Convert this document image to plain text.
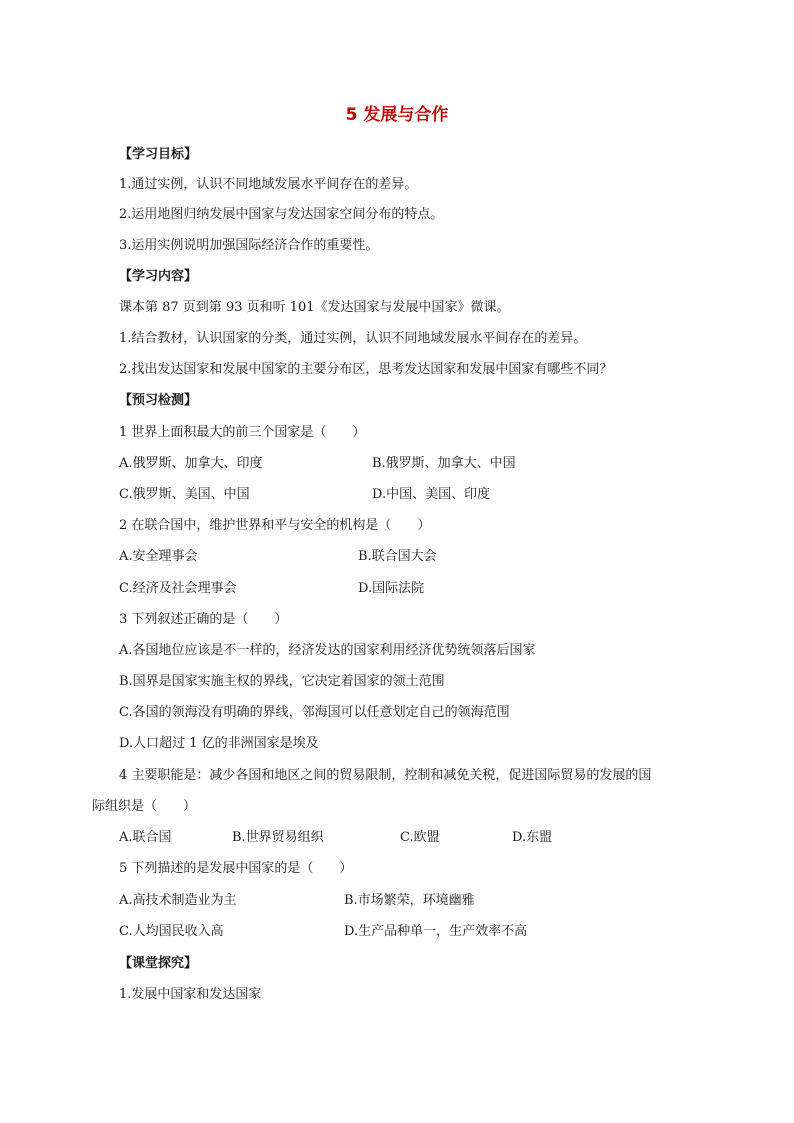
5 发展与合作
【学习目标】
1.通过实例，认识不同地域发展水平间存在的差异。
2.运用地图归纳发展中国家与发达国家空间分布的特点。
3.运用实例说明加强国际经济合作的重要性。
【学习内容】
课本第 87 页到第 93 页和听 101《发达国家与发展中国家》微课。
1.结合教材，认识国家的分类，通过实例，认识不同地域发展水平间存在的差异。
2.找出发达国家和发展中国家的主要分布区，思考发达国家和发展中国家有哪些不同？
【预习检测】
1 世界上面积最大的前三个国家是（　　）
A.俄罗斯、加拿大、印度	B.俄罗斯、加拿大、中国
C.俄罗斯、美国、中国	D.中国、美国、印度
2 在联合国中，维护世界和平与安全的机构是（　　）
A.安全理事会	B.联合国大会
C.经济及社会理事会	D.国际法院
3 下列叙述正确的是（　　）
A.各国地位应该是不一样的，经济发达的国家利用经济优势统领落后国家
B.国界是国家实施主权的界线，它决定着国家的领土范围
C.各国的领海没有明确的界线，邻海国可以任意划定自己的领海范围
D.人口超过 1 亿的非洲国家是埃及
4 主要职能是：减少各国和地区之间的贸易限制，控制和减免关税，促进国际贸易的发展的国
际组织是（　　）
A.联合国	B.世界贸易组织	C.欧盟	D.东盟
5 下列描述的是发展中国家的是（　　）
A.高技术制造业为主	B.市场繁荣，环境幽雅
C.人均国民收入高	D.生产品种单一，生产效率不高
【课堂探究】
1.发展中国家和发达国家
